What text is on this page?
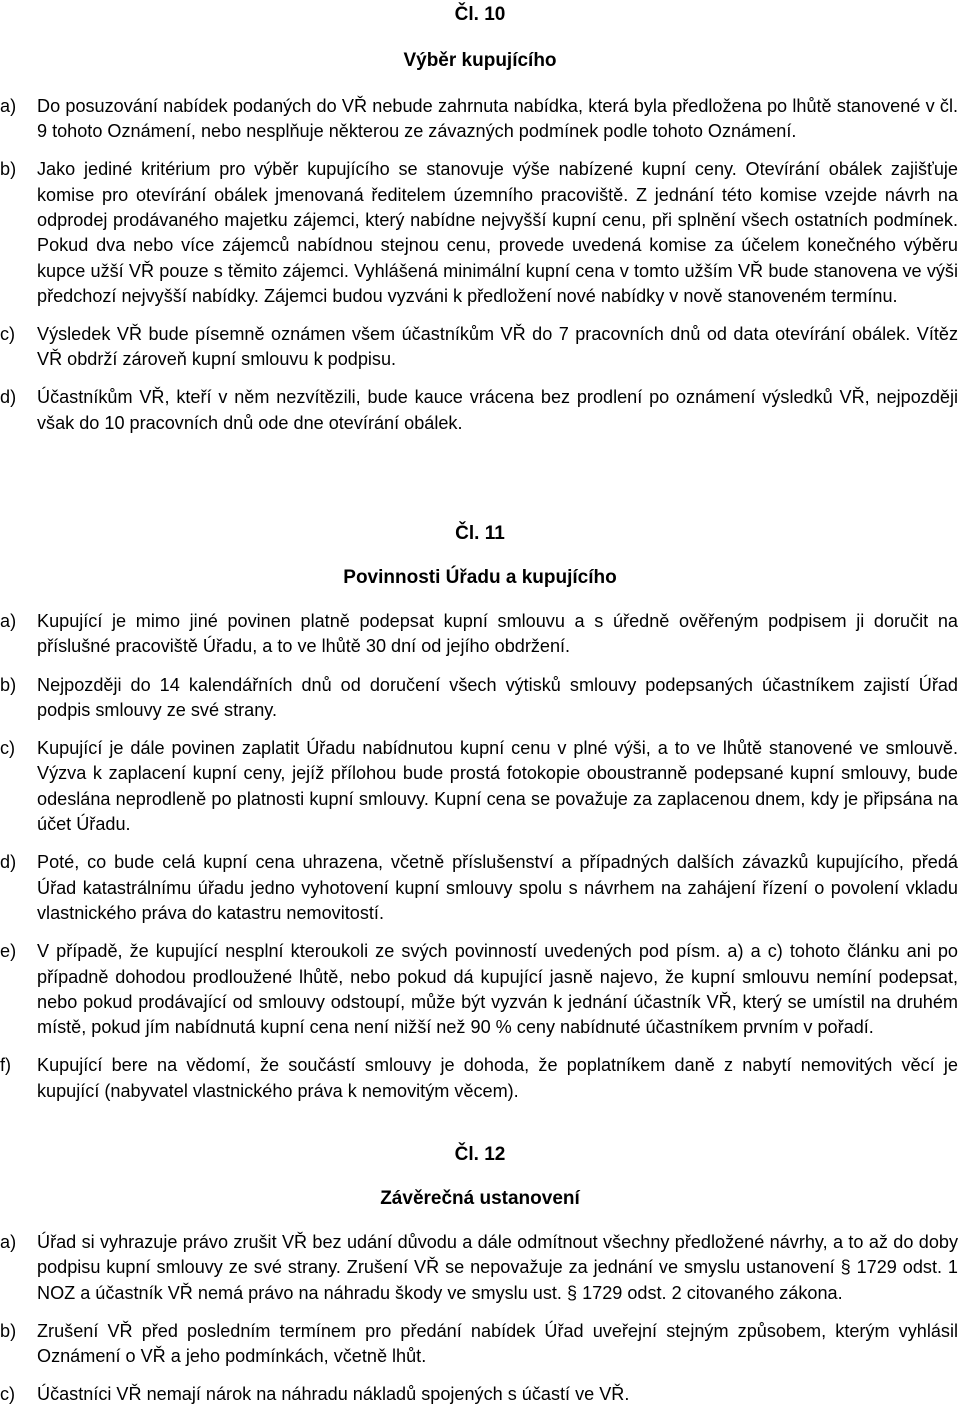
Čl. 10
Výběr kupujícího
a) Do posuzování nabídek podaných do VŘ nebude zahrnuta nabídka, která byla předložena po lhůtě stanovené v čl. 9 tohoto Oznámení, nebo nesplňuje některou ze závazných podmínek podle tohoto Oznámení.
b) Jako jediné kritérium pro výběr kupujícího se stanovuje výše nabízené kupní ceny. Otevírání obálek zajišťuje komise pro otevírání obálek jmenovaná ředitelem územního pracoviště. Z jednání této komise vzejde návrh na odprodej prodávaného majetku zájemci, který nabídne nejvyšší kupní cenu, při splnění všech ostatních podmínek. Pokud dva nebo více zájemců nabídnou stejnou cenu, provede uvedená komise za účelem konečného výběru kupce užší VŘ pouze s těmito zájemci. Vyhlášená minimální kupní cena v tomto užším VŘ bude stanovena ve výši předchozí nejvyšší nabídky. Zájemci budou vyzváni k předložení nové nabídky v nově stanoveném termínu.
c) Výsledek VŘ bude písemně oznámen všem účastníkům VŘ do 7 pracovních dnů od data otevírání obálek. Vítěz VŘ obdrží zároveň kupní smlouvu k podpisu.
d) Účastníkům VŘ, kteří v něm nezvítězili, bude kauce vrácena bez prodlení po oznámení výsledků VŘ, nejpozději však do 10 pracovních dnů ode dne otevírání obálek.
Čl. 11
Povinnosti Úřadu a kupujícího
a) Kupující je mimo jiné povinen platně podepsat kupní smlouvu a s úředně ověřeným podpisem ji doručit na příslušné pracoviště Úřadu, a to ve lhůtě 30 dní od jejího obdržení.
b) Nejpozději do 14 kalendářních dnů od doručení všech výtisků smlouvy podepsaných účastníkem zajistí Úřad podpis smlouvy ze své strany.
c) Kupující je dále povinen zaplatit Úřadu nabídnutou kupní cenu v plné výši, a to ve lhůtě stanovené ve smlouvě. Výzva k zaplacení kupní ceny, jejíž přílohou bude prostá fotokopie oboustranně podepsané kupní smlouvy, bude odeslána neprodleně po platnosti kupní smlouvy. Kupní cena se považuje za zaplacenou dnem, kdy je připsána na účet Úřadu.
d) Poté, co bude celá kupní cena uhrazena, včetně příslušenství a případných dalších závazků kupujícího, předá Úřad katastrálnímu úřadu jedno vyhotovení kupní smlouvy spolu s návrhem na zahájení řízení o povolení vkladu vlastnického práva do katastru nemovitostí.
e) V případě, že kupující nesplní kteroukoli ze svých povinností uvedených pod písm. a) a c) tohoto článku ani po případně dohodou prodloužené lhůtě, nebo pokud dá kupující jasně najevo, že kupní smlouvu nemíní podepsat, nebo pokud prodávající od smlouvy odstoupí, může být vyzván k jednání účastník VŘ, který se umístil na druhém místě, pokud jím nabídnutá kupní cena není nižší než 90 % ceny nabídnuté účastníkem prvním v pořadí.
f) Kupující bere na vědomí, že součástí smlouvy je dohoda, že poplatníkem daně z nabytí nemovitých věcí je kupující (nabyvatel vlastnického práva k nemovitým věcem).
Čl. 12
Závěrečná ustanovení
a) Úřad si vyhrazuje právo zrušit VŘ bez udání důvodu a dále odmítnout všechny předložené návrhy, a to až do doby podpisu kupní smlouvy ze své strany. Zrušení VŘ se nepovažuje za jednání ve smyslu ustanovení § 1729 odst. 1 NOZ a účastník VŘ nemá právo na náhradu škody ve smyslu ust. § 1729 odst. 2 citovaného zákona.
b) Zrušení VŘ před posledním termínem pro předání nabídek Úřad uveřejní stejným způsobem, kterým vyhlásil Oznámení o VŘ a jeho podmínkách, včetně lhůt.
c) Účastníci VŘ nemají nárok na náhradu nákladů spojených s účastí ve VŘ.
